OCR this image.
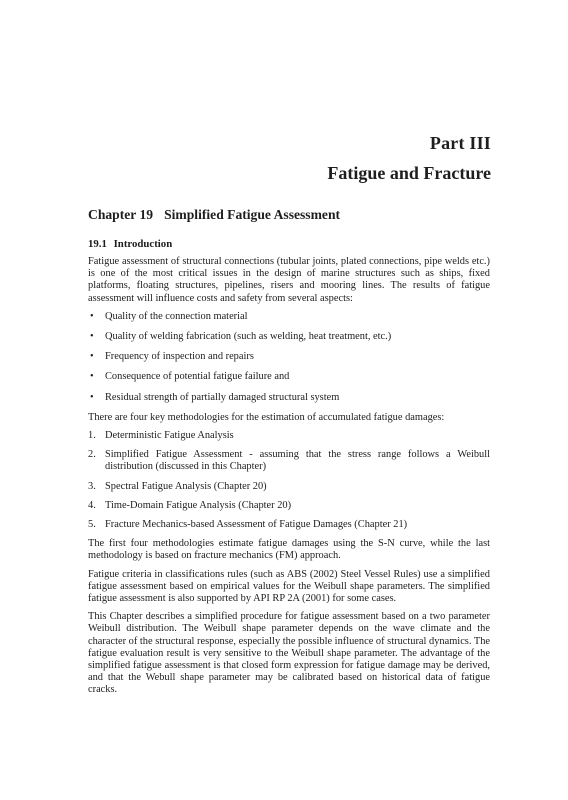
Part III
Fatigue and Fracture
Chapter 19 Simplified Fatigue Assessment
19.1 Introduction

Fatigue assessment of structural connections (tubular joints, plated connections, pipe welds etc.) is one of the most critical issues in the design of marine structures such as ships, fixed platforms, floating structures, pipelines, risers and mooring lines. The results of fatigue assessment will influence costs and safety from several aspects:

• Quality of the connection material
• Quality of welding fabrication (such as welding, heat treatment, etc.)
• Frequency of inspection and repairs
• Consequence of potential fatigue failure and
• Residual strength of partially damaged structural system

There are four key methodologies for the estimation of accumulated fatigue damages:

1. Deterministic Fatigue Analysis
2. Simplified Fatigue Assessment - assuming that the stress range follows a Weibull distribution (discussed in this Chapter)
3. Spectral Fatigue Analysis (Chapter 20)
4. Time-Domain Fatigue Analysis (Chapter 20)
5. Fracture Mechanics-based Assessment of Fatigue Damages (Chapter 21)

The first four methodologies estimate fatigue damages using the S-N curve, while the last methodology is based on fracture mechanics (FM) approach.

Fatigue criteria in classifications rules (such as ABS (2002) Steel Vessel Rules) use a simplified fatigue assessment based on empirical values for the Weibull shape parameters. The simplified fatigue assessment is also supported by API RP 2A (2001) for some cases.

This Chapter describes a simplified procedure for fatigue assessment based on a two parameter Weibull distribution. The Weibull shape parameter depends on the wave climate and the character of the structural response, especially the possible influence of structural dynamics. The fatigue evaluation result is very sensitive to the Weibull shape parameter. The advantage of the simplified fatigue assessment is that closed form expression for fatigue damage may be derived, and that the Webull shape parameter may be calibrated based on historical data of fatigue cracks.
